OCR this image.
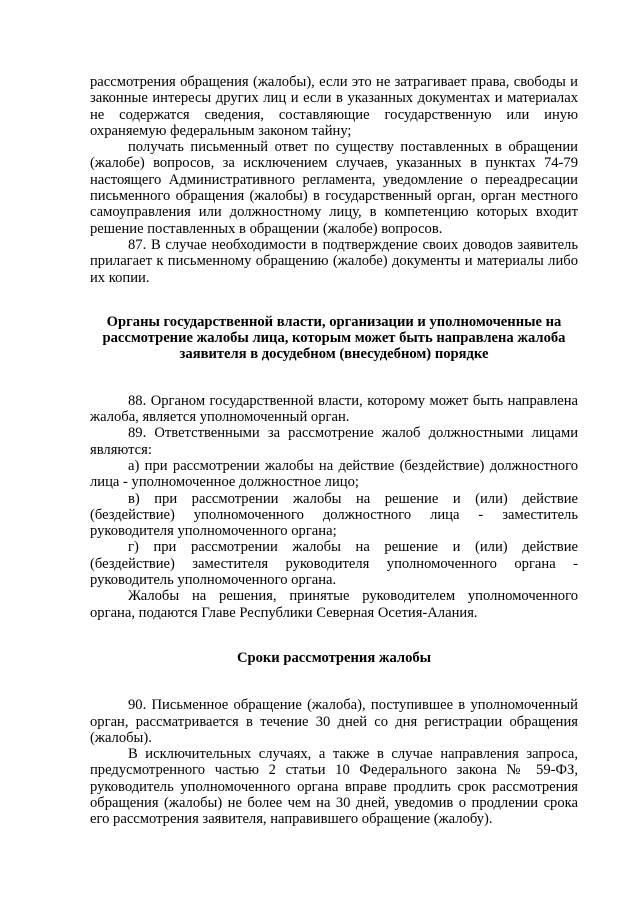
рассмотрения обращения (жалобы), если это не затрагивает права, свободы и законные интересы других лиц и если в указанных документах и материалах не содержатся сведения, составляющие государственную или иную охраняемую федеральным законом тайну;

получать письменный ответ по существу поставленных в обращении (жалобе) вопросов, за исключением случаев, указанных в пунктах 74-79 настоящего Административного регламента, уведомление о переадресации письменного обращения (жалобы) в государственный орган, орган местного самоуправления или должностному лицу, в компетенцию которых входит решение поставленных в обращении (жалобе) вопросов.

87. В случае необходимости в подтверждение своих доводов заявитель прилагает к письменному обращению (жалобе) документы и материалы либо их копии.

Органы государственной власти, организации и уполномоченные на рассмотрение жалобы лица, которым может быть направлена жалоба заявителя в досудебном (внесудебном) порядке

88. Органом государственной власти, которому может быть направлена жалоба, является уполномоченный орган.

89. Ответственными за рассмотрение жалоб должностными лицами являются:

а) при рассмотрении жалобы на действие (бездействие) должностного лица - уполномоченное должностное лицо;

в) при рассмотрении жалобы на решение и (или) действие (бездействие) уполномоченного должностного лица - заместитель руководителя уполномоченного органа;

г) при рассмотрении жалобы на решение и (или) действие (бездействие) заместителя руководителя уполномоченного органа - руководитель уполномоченного органа.

Жалобы на решения, принятые руководителем уполномоченного органа, подаются Главе Республики Северная Осетия-Алания.

Сроки рассмотрения жалобы

90. Письменное обращение (жалоба), поступившее в уполномоченный орган, рассматривается в течение 30 дней со дня регистрации обращения (жалобы).

В исключительных случаях, а также в случае направления запроса, предусмотренного частью 2 статьи 10 Федерального закона № 59-ФЗ, руководитель уполномоченного органа вправе продлить срок рассмотрения обращения (жалобы) не более чем на 30 дней, уведомив о продлении срока его рассмотрения заявителя, направившего обращение (жалобу).
